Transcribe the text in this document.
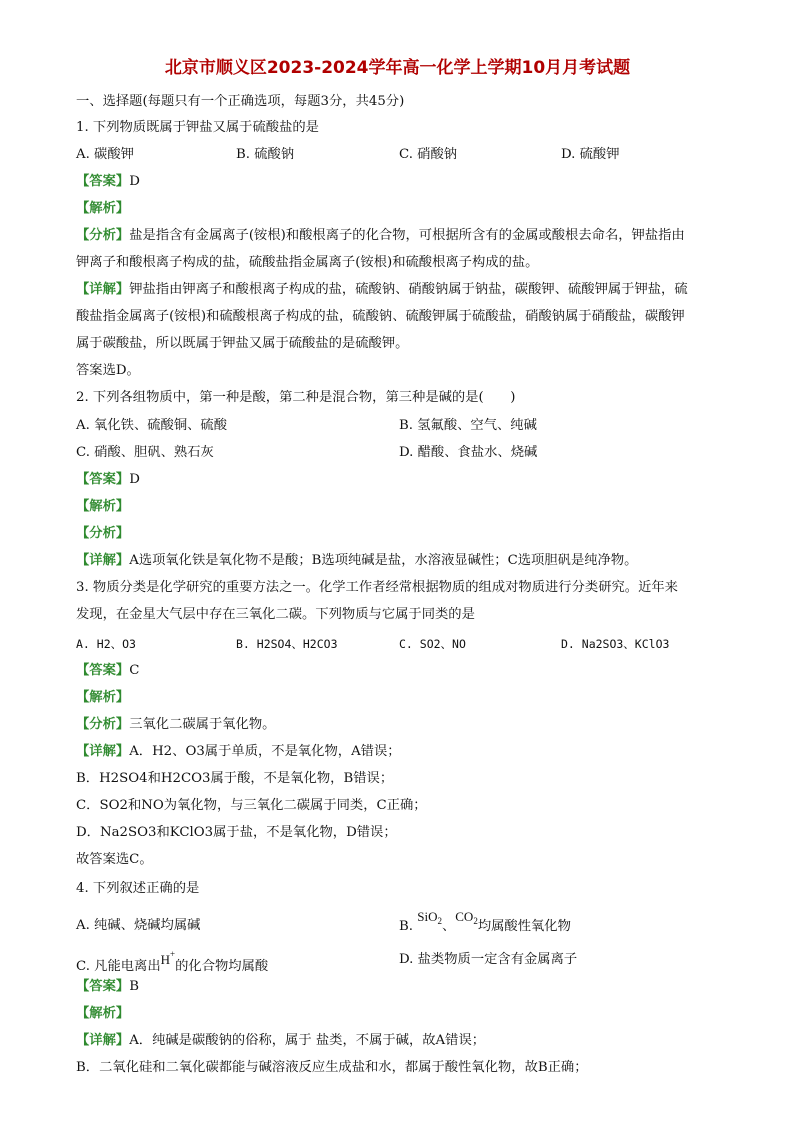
北京市顺义区2023-2024学年高一化学上学期10月月考试题
一、选择题(每题只有一个正确选项，每题3分，共45分)
1. 下列物质既属于钾盐又属于硫酸盐的是
A. 碳酸钾	B. 硫酸钠	C. 硝酸钠	D. 硫酸钾
【答案】D
【解析】
【分析】盐是指含有金属离子(铵根)和酸根离子的化合物，可根据所含有的金属或酸根去命名，钾盐指由
钾离子和酸根离子构成的盐，硫酸盐指金属离子(铵根)和硫酸根离子构成的盐。
【详解】钾盐指由钾离子和酸根离子构成的盐，硫酸钠、硝酸钠属于钠盐，碳酸钾、硫酸钾属于钾盐，硫
酸盐指金属离子(铵根)和硫酸根离子构成的盐，硫酸钠、硫酸钾属于硫酸盐，硝酸钠属于硝酸盐，碳酸钾
属于碳酸盐，所以既属于钾盐又属于硫酸盐的是硫酸钾。
答案选D。
2. 下列各组物质中，第一种是酸，第二种是混合物，第三种是碱的是(　　)
A. 氧化铁、硫酸铜、硫酸	B. 氢氟酸、空气、纯碱
C. 硝酸、胆矾、熟石灰	D. 醋酸、食盐水、烧碱
【答案】D
【解析】
【分析】
【详解】A选项氧化铁是氧化物不是酸；B选项纯碱是盐，水溶液显碱性；C选项胆矾是纯净物。
3. 物质分类是化学研究的重要方法之一。化学工作者经常根据物质的组成对物质进行分类研究。近年来
发现，在金星大气层中存在三氧化二碳。下列物质与它属于同类的是
A. H2、O3	B. H2SO4、H2CO3	C. SO2、NO	D. Na2SO3、KClO3
【答案】C
【解析】
【分析】三氧化二碳属于氧化物。
【详解】A．H2、O3属于单质，不是氧化物，A错误；
B．H2SO4和H2CO3属于酸，不是氧化物，B错误；
C．SO2和NO为氧化物，与三氧化二碳属于同类，C正确；
D．Na2SO3和KClO3属于盐，不是氧化物，D错误；
故答案选C。
4. 下列叙述正确的是
A. 纯碱、烧碱均属碱	B. SiO$_2$、$CO_2$均属酸性氧化物
C. 凡能电离出H+的化合物均属酸	D. 盐类物质一定含有金属离子
【答案】B
【解析】
【详解】A．纯碱是碳酸钠的俗称，属于 盐类，不属于碱，故A错误；
B．二氧化硅和二氧化碳都能与碱溶液反应生成盐和水，都属于酸性氧化物，故B正确；
